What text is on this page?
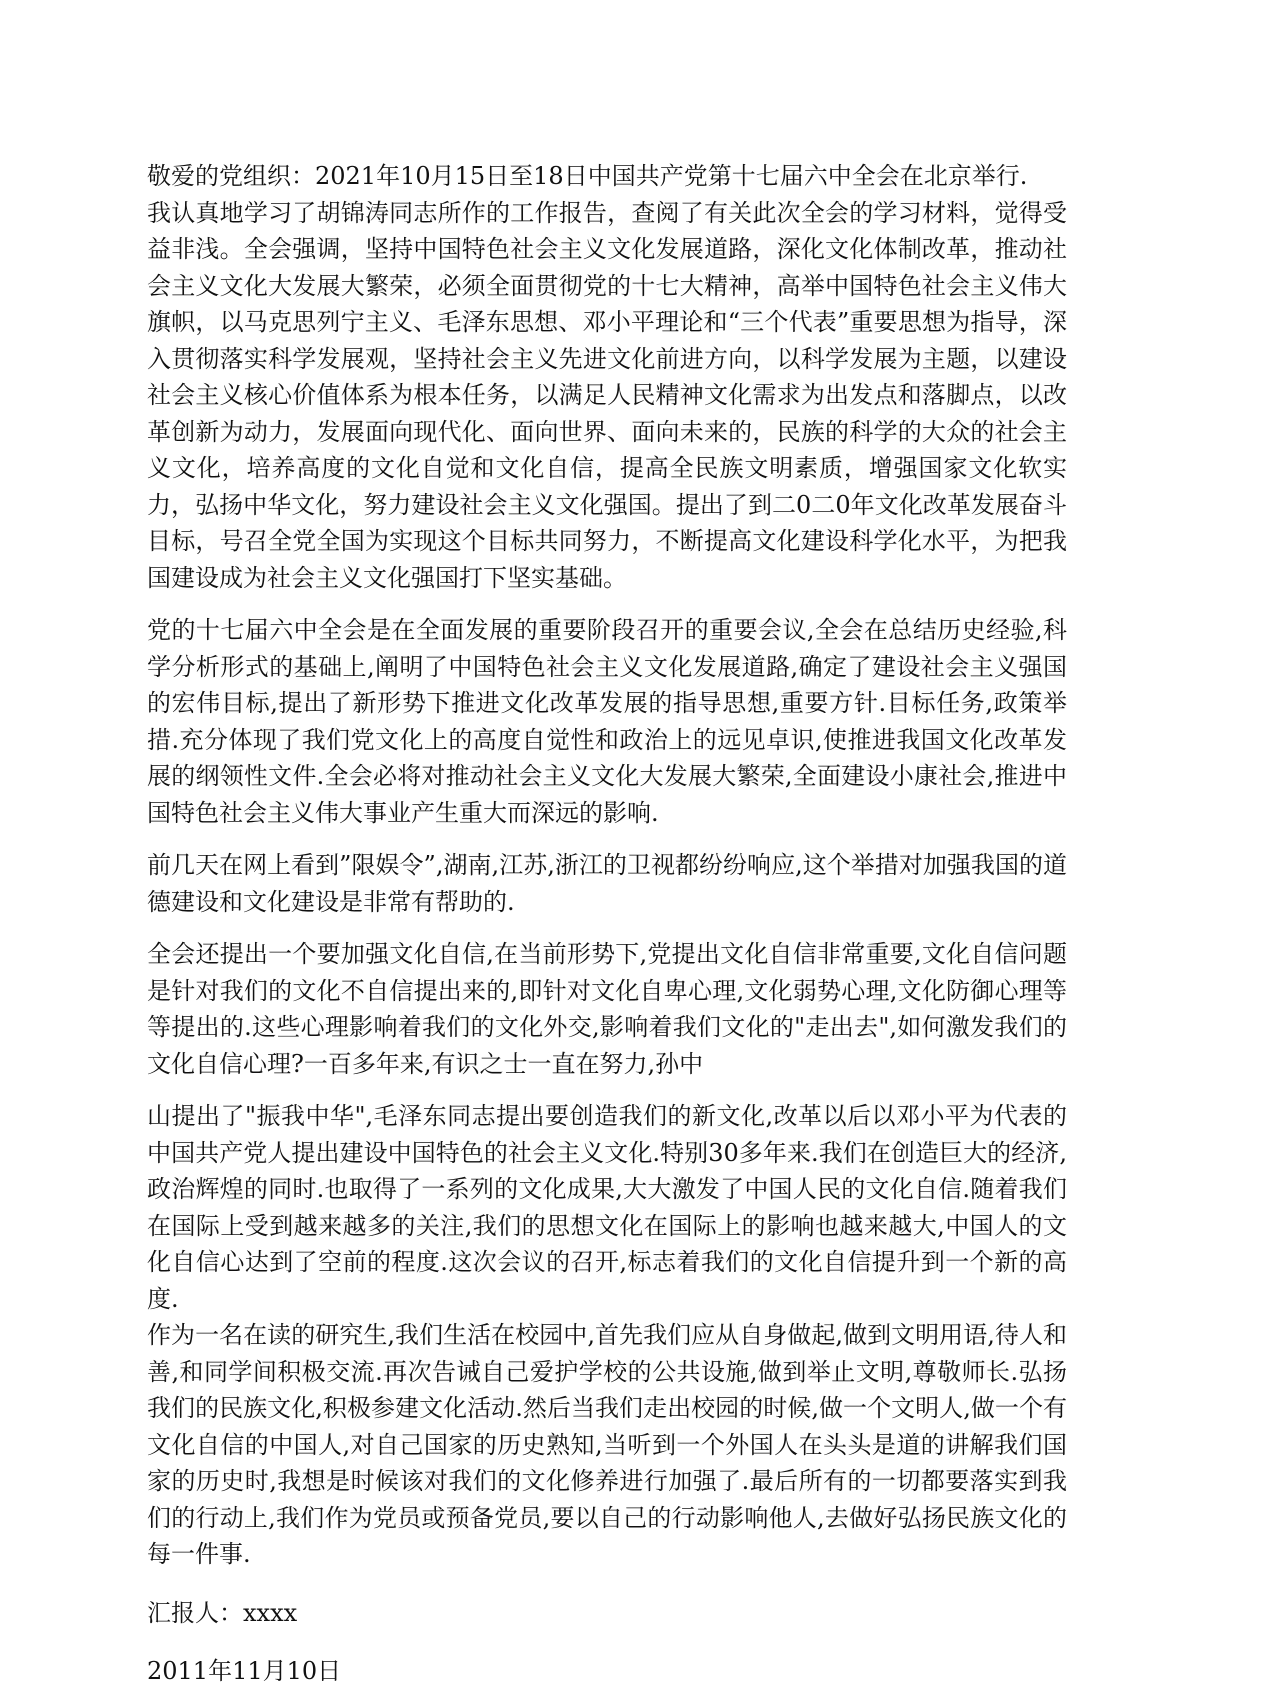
敬爱的党组织：2021年10月15日至18日中国共产党第十七届六中全会在北京举行.

我认真地学习了胡锦涛同志所作的工作报告，查阅了有关此次全会的学习材料，觉得受益非浅。全会强调，坚持中国特色社会主义文化发展道路，深化文化体制改革，推动社会主义文化大发展大繁荣，必须全面贯彻党的十七大精神，高举中国特色社会主义伟大旗帜，以马克思列宁主义、毛泽东思想、邓小平理论和“三个代表”重要思想为指导，深入贯彻落实科学发展观，坚持社会主义先进文化前进方向，以科学发展为主题，以建设社会主义核心价值体系为根本任务，以满足人民精神文化需求为出发点和落脚点，以改革创新为动力，发展面向现代化、面向世界、面向未来的，民族的科学的大众的社会主义文化，培养高度的文化自觉和文化自信，提高全民族文明素质，增强国家文化软实力，弘扬中华文化，努力建设社会主义文化强国。提出了到二0二0年文化改革发展奋斗目标，号召全党全国为实现这个目标共同努力，不断提高文化建设科学化水平，为把我国建设成为社会主义文化强国打下坚实基础。

党的十七届六中全会是在全面发展的重要阶段召开的重要会议,全会在总结历史经验,科学分析形式的基础上,阐明了中国特色社会主义文化发展道路,确定了建设社会主义强国的宏伟目标,提出了新形势下推进文化改革发展的指导思想,重要方针.目标任务,政策举措.充分体现了我们党文化上的高度自觉性和政治上的远见卓识,使推进我国文化改革发展的纲领性文件.全会必将对推动社会主义文化大发展大繁荣,全面建设小康社会,推进中国特色社会主义伟大事业产生重大而深远的影响.

前几天在网上看到”限娱令”,湖南,江苏,浙江的卫视都纷纷响应,这个举措对加强我国的道德建设和文化建设是非常有帮助的.

全会还提出一个要加强文化自信,在当前形势下,党提出文化自信非常重要,文化自信问题是针对我们的文化不自信提出来的,即针对文化自卑心理,文化弱势心理,文化防御心理等等提出的.这些心理影响着我们的文化外交,影响着我们文化的"走出去",如何激发我们的文化自信心理?一百多年来,有识之士一直在努力,孙中

山提出了"振我中华",毛泽东同志提出要创造我们的新文化,改革以后以邓小平为代表的中国共产党人提出建设中国特色的社会主义文化.特别30多年来.我们在创造巨大的经济,政治辉煌的同时.也取得了一系列的文化成果,大大激发了中国人民的文化自信.随着我们在国际上受到越来越多的关注,我们的思想文化在国际上的影响也越来越大,中国人的文化自信心达到了空前的程度.这次会议的召开,标志着我们的文化自信提升到一个新的高度.

作为一名在读的研究生,我们生活在校园中,首先我们应从自身做起,做到文明用语,待人和善,和同学间积极交流.再次告诫自己爱护学校的公共设施,做到举止文明,尊敬师长.弘扬我们的民族文化,积极参建文化活动.然后当我们走出校园的时候,做一个文明人,做一个有文化自信的中国人,对自己国家的历史熟知,当听到一个外国人在头头是道的讲解我们国家的历史时,我想是时候该对我们的文化修养进行加强了.最后所有的一切都要落实到我们的行动上,我们作为党员或预备党员,要以自己的行动影响他人,去做好弘扬民族文化的每一件事.

汇报人：xxxx

2011年11月10日
